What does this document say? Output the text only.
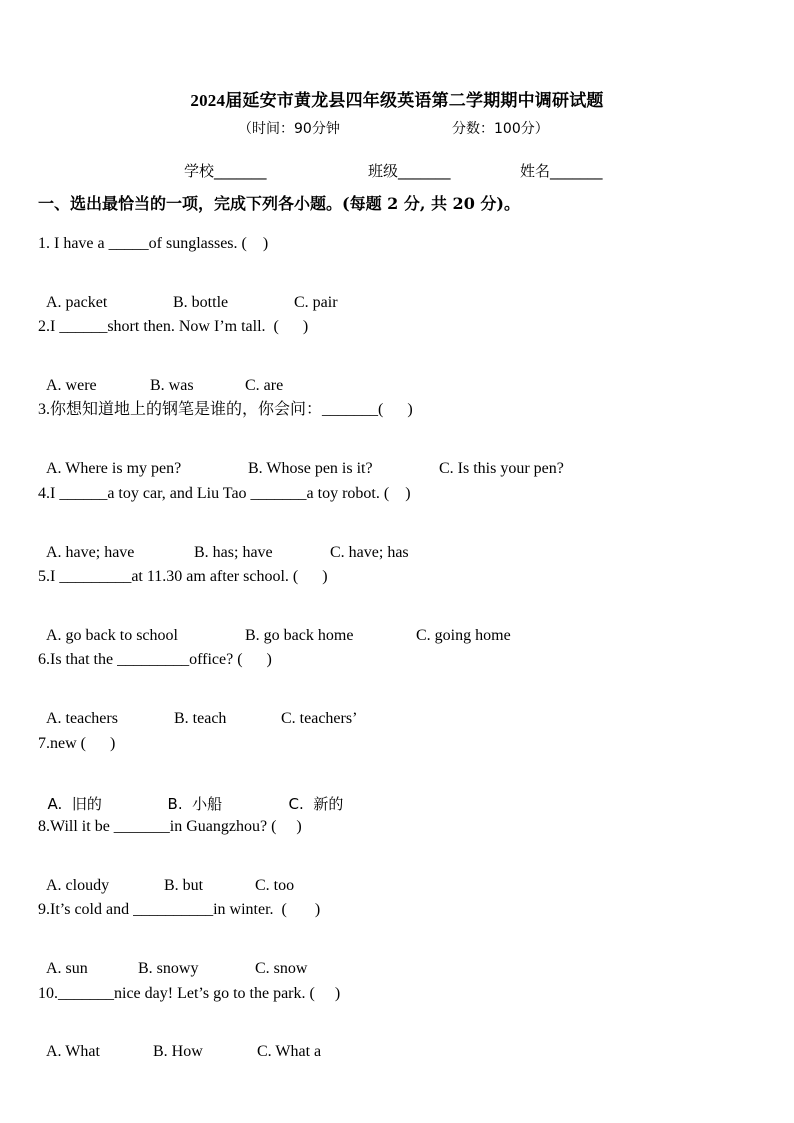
2024届延安市黄龙县四年级英语第二学期期中调研试题
（时间：90分钟	分数：100分）
学校_______	班级_______	姓名_______
一、选出最恰当的一项，完成下列各小题。(每题 2 分, 共 20 分)。
1. I have a _____of sunglasses. (    )

A. packet	B. bottle	C. pair

2.I ______short then. Now I’m tall.  (      )

A. were	B. was	C. are

3.你想知道地上的钢笔是谁的，你会问：_______(      )

A. Where is my pen?	B. Whose pen is it?	C. Is this your pen?

4.I ______a toy car, and Liu Tao _______a toy robot. (    )

A. have; have	B. has; have	C. have; has

5.I _________at 11.30 am after school. (      )

A. go back to school	B. go back home	C. going home

6.Is that the _________office? (      )

A. teachers	B. teach	C. teachers’

7.new (      )

A.  旧的	B.  小船	C.  新的

8.Will it be _______in Guangzhou? (     )

A. cloudy	B. but	C. too

9.It’s cold and __________in winter.  (       )

A. sun	B. snowy	C. snow

10._______nice day! Let’s go to the park. (     )

A. What	B. How	C. What a
